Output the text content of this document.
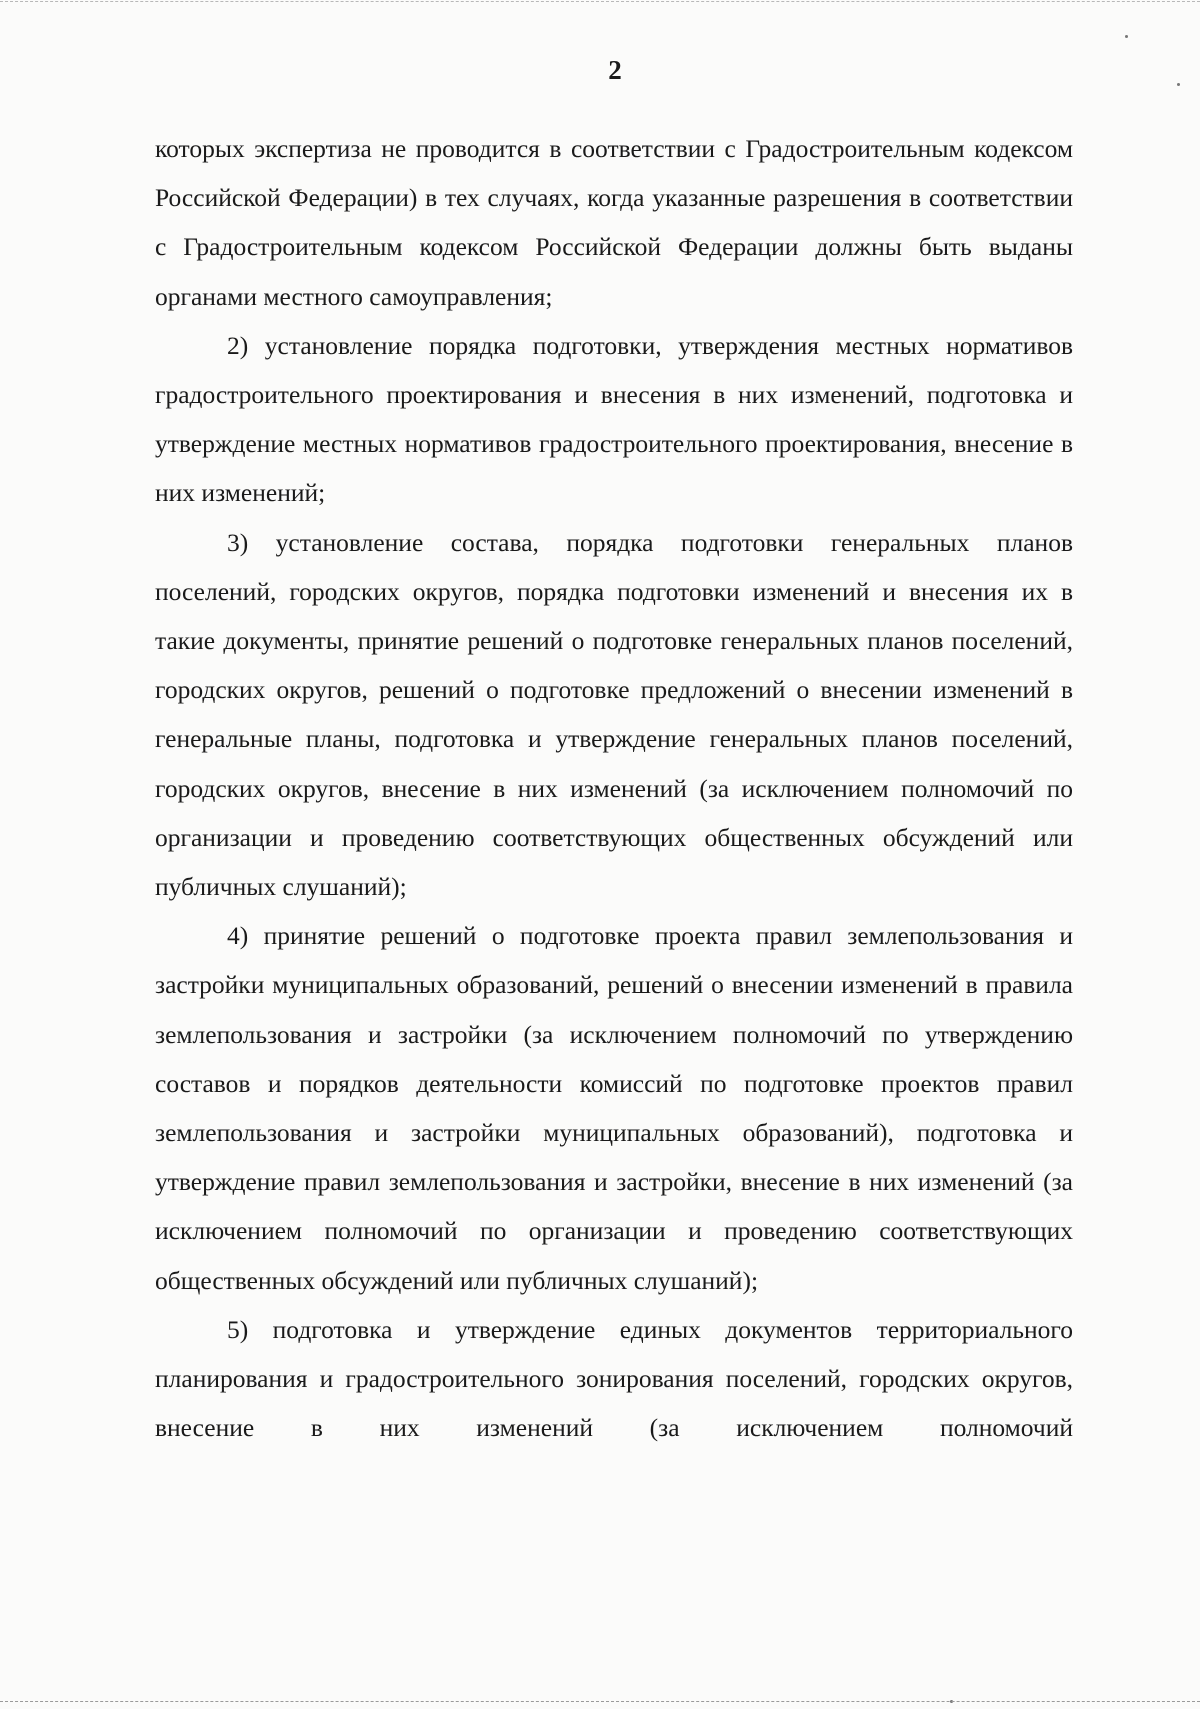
2

которых экспертиза не проводится в соответствии с Градостроительным кодексом Российской Федерации) в тех случаях, когда указанные разрешения в соответствии с Градостроительным кодексом Российской Федерации должны быть выданы органами местного самоуправления;

2) установление порядка подготовки, утверждения местных нормативов градостроительного проектирования и внесения в них изменений, подготовка и утверждение местных нормативов градостроительного проектирования, внесение в них изменений;

3) установление состава, порядка подготовки генеральных планов поселений, городских округов, порядка подготовки изменений и внесения их в такие документы, принятие решений о подготовке генеральных планов поселений, городских округов, решений о подготовке предложений о внесении изменений в генеральные планы, подготовка и утверждение генеральных планов поселений, городских округов, внесение в них изменений (за исключением полномочий по организации и проведению соответствующих общественных обсуждений или публичных слушаний);

4) принятие решений о подготовке проекта правил землепользования и застройки муниципальных образований, решений о внесении изменений в правила землепользования и застройки (за исключением полномочий по утверждению составов и порядков деятельности комиссий по подготовке проектов правил землепользования и застройки муниципальных образований), подготовка и утверждение правил землепользования и застройки, внесение в них изменений (за исключением полномочий по организации и проведению соответствующих общественных обсуждений или публичных слушаний);

5) подготовка и утверждение единых документов территориального планирования и градостроительного зонирования поселений, городских округов, внесение в них изменений (за исключением полномочий
